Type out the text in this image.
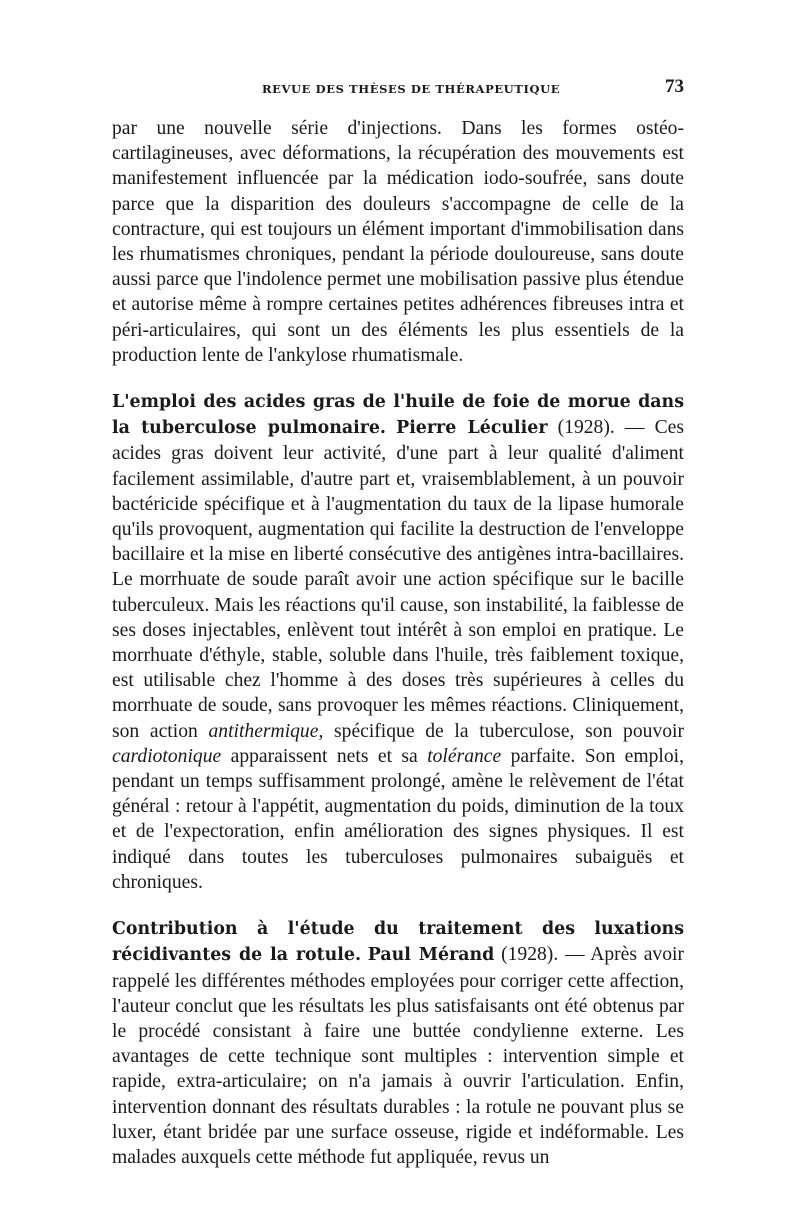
REVUE DES THÈSES DE THÉRAPEUTIQUE	73

par une nouvelle série d'injections. Dans les formes ostéo-cartilagineuses, avec déformations, la récupération des mouvements est manifestement influencée par la médication iodo-soufrée, sans doute parce que la disparition des douleurs s'accompagne de celle de la contracture, qui est toujours un élément important d'immobilisation dans les rhumatismes chroniques, pendant la période douloureuse, sans doute aussi parce que l'indolence permet une mobilisation passive plus étendue et autorise même à rompre certaines petites adhérences fibreuses intra et péri-articulaires, qui sont un des éléments les plus essentiels de la production lente de l'ankylose rhumatismale.

L'emploi des acides gras de l'huile de foie de morue dans la tuberculose pulmonaire. Pierre Léculier (1928). — Ces acides gras doivent leur activité, d'une part à leur qualité d'aliment facilement assimilable, d'autre part et, vraisemblablement, à un pouvoir bactéricide spécifique et à l'augmentation du taux de la lipase humorale qu'ils provoquent, augmentation qui facilite la destruction de l'enveloppe bacillaire et la mise en liberté consécutive des antigènes intra-bacillaires. Le morrhuate de soude paraît avoir une action spécifique sur le bacille tuberculeux. Mais les réactions qu'il cause, son instabilité, la faiblesse de ses doses injectables, enlèvent tout intérêt à son emploi en pratique. Le morrhuate d'éthyle, stable, soluble dans l'huile, très faiblement toxique, est utilisable chez l'homme à des doses très supérieures à celles du morrhuate de soude, sans provoquer les mêmes réactions. Cliniquement, son action antithermique, spécifique de la tuberculose, son pouvoir cardiotonique apparaissent nets et sa tolérance parfaite. Son emploi, pendant un temps suffisamment prolongé, amène le relèvement de l'état général : retour à l'appétit, augmentation du poids, diminution de la toux et de l'expectoration, enfin amélioration des signes physiques. Il est indiqué dans toutes les tuberculoses pulmonaires subaiguës et chroniques.

Contribution à l'étude du traitement des luxations récidivantes de la rotule. Paul Mérand (1928). — Après avoir rappelé les différentes méthodes employées pour corriger cette affection, l'auteur conclut que les résultats les plus satisfaisants ont été obtenus par le procédé consistant à faire une buttée condylienne externe. Les avantages de cette technique sont multiples : intervention simple et rapide, extra-articulaire; on n'a jamais à ouvrir l'articulation. Enfin, intervention donnant des résultats durables : la rotule ne pouvant plus se luxer, étant bridée par une surface osseuse, rigide et indéformable. Les malades auxquels cette méthode fut appliquée, revus un
